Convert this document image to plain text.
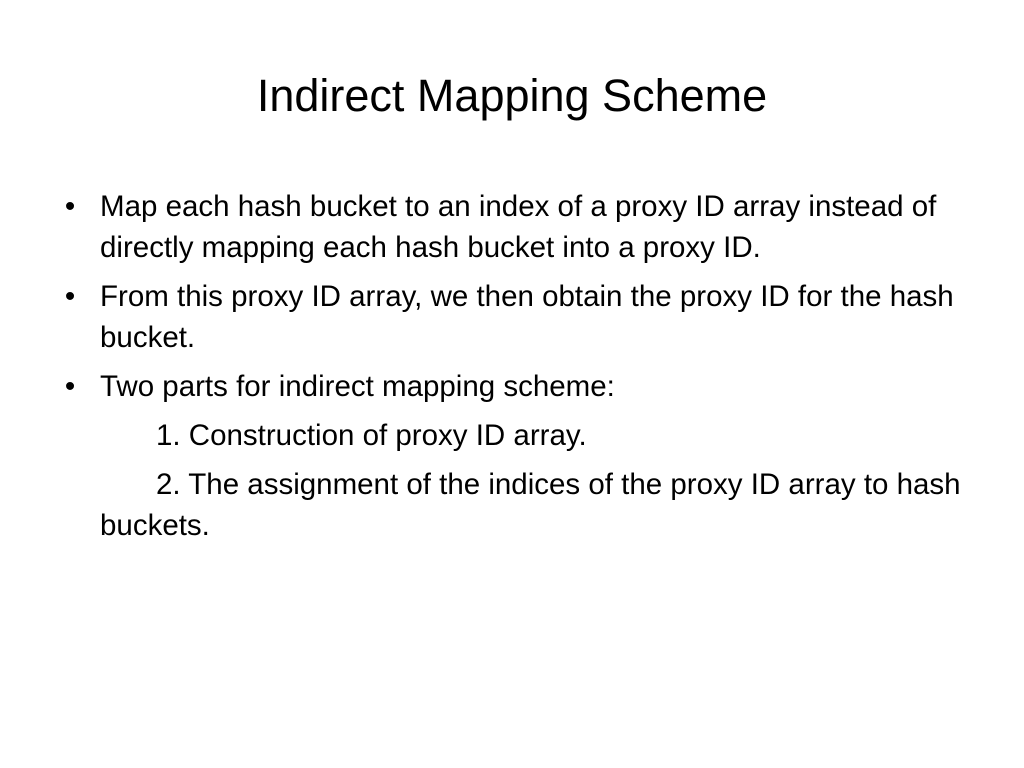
Indirect Mapping Scheme
• Map each hash bucket to an index of a proxy ID array instead of directly mapping each hash bucket into a proxy ID.
• From this proxy ID array, we then obtain the proxy ID for the hash bucket.
• Two parts for indirect mapping scheme:
1. Construction of proxy ID array.
2. The assignment of the indices of the proxy ID array to hash buckets.
